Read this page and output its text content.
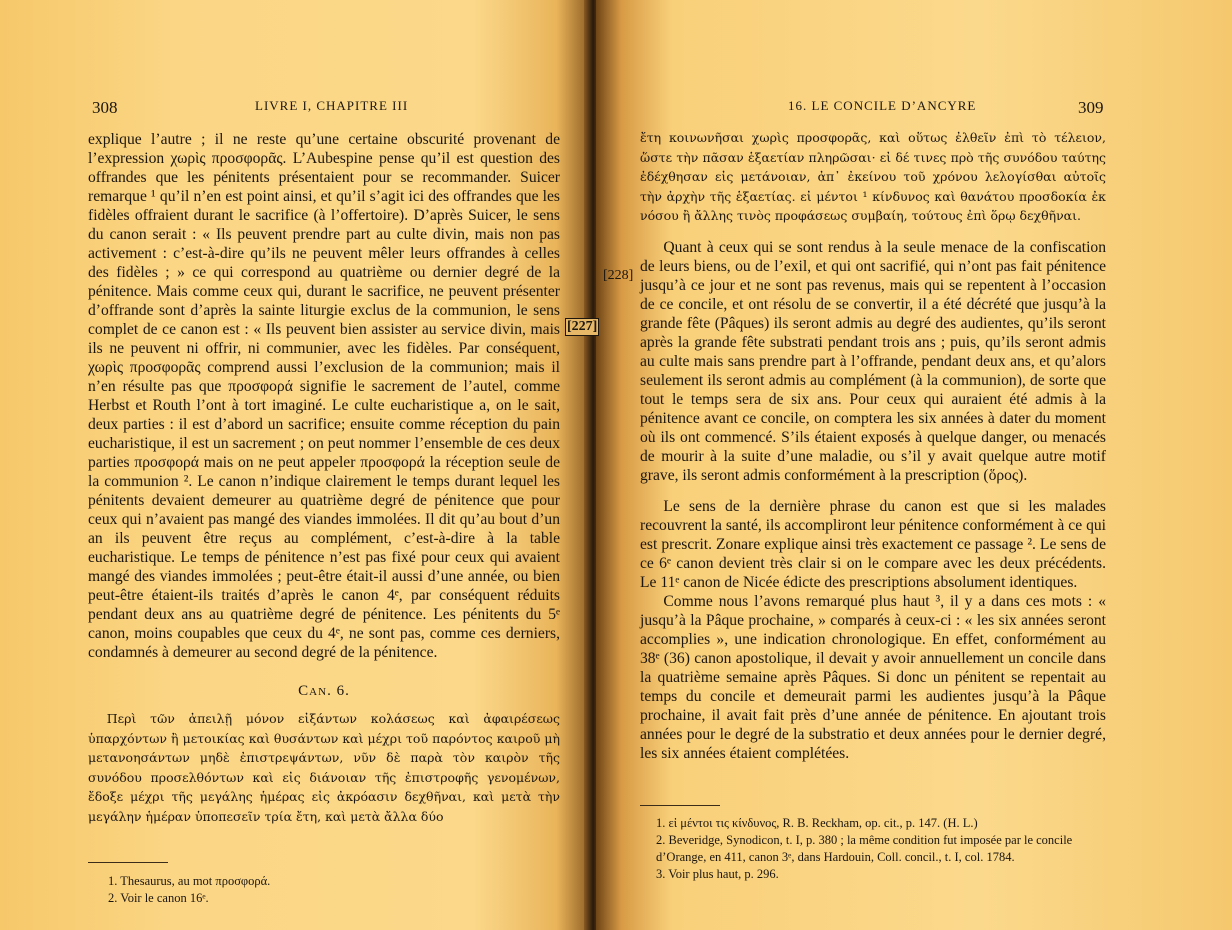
308	LIVRE I, CHAPITRE III

explique l’autre ; il ne reste qu’une certaine obscurité provenant de l’expression χωρὶς προσφορᾶς. L’Aubespine pense qu’il est question des offrandes que les pénitents présentaient pour se recommander. Suicer remarque ¹ qu’il n’en est point ainsi, et qu’il s’agit ici des offrandes que les fidèles offraient durant le sacrifice (à l’offertoire). D’après Suicer, le sens du canon serait : « Ils peuvent prendre part au culte divin, mais non pas activement : c’est-à-dire qu’ils ne peuvent mêler leurs offrandes à celles des fidèles ; » ce qui correspond au quatrième ou dernier degré de la pénitence. Mais comme ceux qui, durant le sacrifice, ne peuvent présenter d’offrande sont d’après la sainte liturgie exclus de la communion, le sens complet de ce canon est : « Ils peuvent bien assister au service divin, mais ils ne peuvent ni offrir, ni communier, avec les fidèles. Par conséquent, χωρὶς προσφορᾶς comprend aussi l’exclusion de la communion; mais il n’en résulte pas que προσφορά signifie le sacrement de l’autel, comme Herbst et Routh l’ont à tort imaginé. Le culte eucharistique a, on le sait, deux parties : il est d’abord un sacrifice; ensuite comme réception du pain eucharistique, il est un sacrement ; on peut nommer l’ensemble de ces deux parties προσφορά mais on ne peut appeler προσφορά la réception seule de la communion ². Le canon n’indique clairement le temps durant lequel les pénitents devaient demeurer au quatrième degré de pénitence que pour ceux qui n’avaient pas mangé des viandes immolées. Il dit qu’au bout d’un an ils peuvent être reçus au complément, c’est-à-dire à la table eucharistique. Le temps de pénitence n’est pas fixé pour ceux qui avaient mangé des viandes immolées ; peut-être était-il aussi d’une année, ou bien peut-être étaient-ils traités d’après le canon 4ᵉ, par conséquent réduits pendant deux ans au quatrième degré de pénitence. Les pénitents du 5ᵉ canon, moins coupables que ceux du 4ᵉ, ne sont pas, comme ces derniers, condamnés à demeurer au second degré de la pénitence.

Can. 6.

Περὶ τῶν ἀπειλῇ μόνον εἰξάντων κολάσεως καὶ ἀφαιρέσεως ὑπαρχόντων ἢ μετοικίας καὶ θυσάντων καὶ μέχρι τοῦ παρόντος καιροῦ μὴ μετανοησάντων μηδὲ ἐπιστρεψάντων, νῦν δὲ παρὰ τὸν καιρὸν τῆς συνόδου προσελθόντων καὶ εἰς διάνοιαν τῆς ἐπιστροφῆς γενομένων, ἔδοξε μέχρι τῆς μεγάλης ἡμέρας εἰς ἀκρόασιν δεχθῆναι, καὶ μετὰ τὴν μεγάλην ἡμέραν ὑποπεσεῖν τρία ἔτη, καὶ μετὰ ἄλλα δύο

1. Thesaurus, au mot προσφορά.
2. Voir le canon 16ᵉ.
16. LE CONCILE D’ANCYRE	309

ἔτη κοινωνῆσαι χωρὶς προσφορᾶς, καὶ οὕτως ἐλθεῖν ἐπὶ τὸ τέλειον, ὥστε τὴν πᾶσαν ἑξαετίαν πληρῶσαι· εἰ δέ τινες πρὸ τῆς συνόδου ταύτης ἐδέχθησαν εἰς μετάνοιαν, ἀπ᾿ ἐκείνου τοῦ χρόνου λελογίσθαι αὐτοῖς τὴν ἀρχὴν τῆς ἑξαετίας. εἰ μέντοι ¹ κίνδυνος καὶ θανάτου προσδοκία ἐκ νόσου ἢ ἄλλης τινὸς προφάσεως συμβαίη, τούτους ἐπὶ ὅρῳ δεχθῆναι.

Quant à ceux qui se sont rendus à la seule menace de la confiscation de leurs biens, ou de l’exil, et qui ont sacrifié, qui n’ont pas fait pénitence jusqu’à ce jour et ne sont pas revenus, mais qui se repentent à l’occasion de ce concile, et ont résolu de se convertir, il a été décrété que jusqu’à la grande fête (Pâques) ils seront admis au degré des audientes, qu’ils seront après la grande fête substrati pendant trois ans ; puis, qu’ils seront admis au culte mais sans prendre part à l’offrande, pendant deux ans, et qu’alors seulement ils seront admis au complément (à la communion), de sorte que tout le temps sera de six ans. Pour ceux qui auraient été admis à la pénitence avant ce concile, on comptera les six années à dater du moment où ils ont commencé. S’ils étaient exposés à quelque danger, ou menacés de mourir à la suite d’une maladie, ou s’il y avait quelque autre motif grave, ils seront admis conformément à la prescription (ὅρος).

Le sens de la dernière phrase du canon est que si les malades recouvrent la santé, ils accompliront leur pénitence conformément à ce qui est prescrit. Zonare explique ainsi très exactement ce passage ². Le sens de ce 6ᵉ canon devient très clair si on le compare avec les deux précédents. Le 11ᵉ canon de Nicée édicte des prescriptions absolument identiques.

Comme nous l’avons remarqué plus haut ³, il y a dans ces mots : « jusqu’à la Pâque prochaine, » comparés à ceux-ci : « les six années seront accomplies », une indication chronologique. En effet, conformément au 38ᵉ (36) canon apostolique, il devait y avoir annuellement un concile dans la quatrième semaine après Pâques. Si donc un pénitent se repentait au temps du concile et demeurait parmi les audientes jusqu’à la Pâque prochaine, il avait fait près d’une année de pénitence. En ajoutant trois années pour le degré de la substratio et deux années pour le dernier degré, les six années étaient complétées.

1. εἰ μέντοι τις κίνδυνος, R. B. Reckham, op. cit., p. 147. (H. L.)
2. Beveridge, Synodicon, t. I, p. 380 ; la même condition fut imposée par le concile d’Orange, en 411, canon 3ᵉ, dans Hardouin, Coll. concil., t. I, col. 1784.
3. Voir plus haut, p. 296.
[227]
[228]
